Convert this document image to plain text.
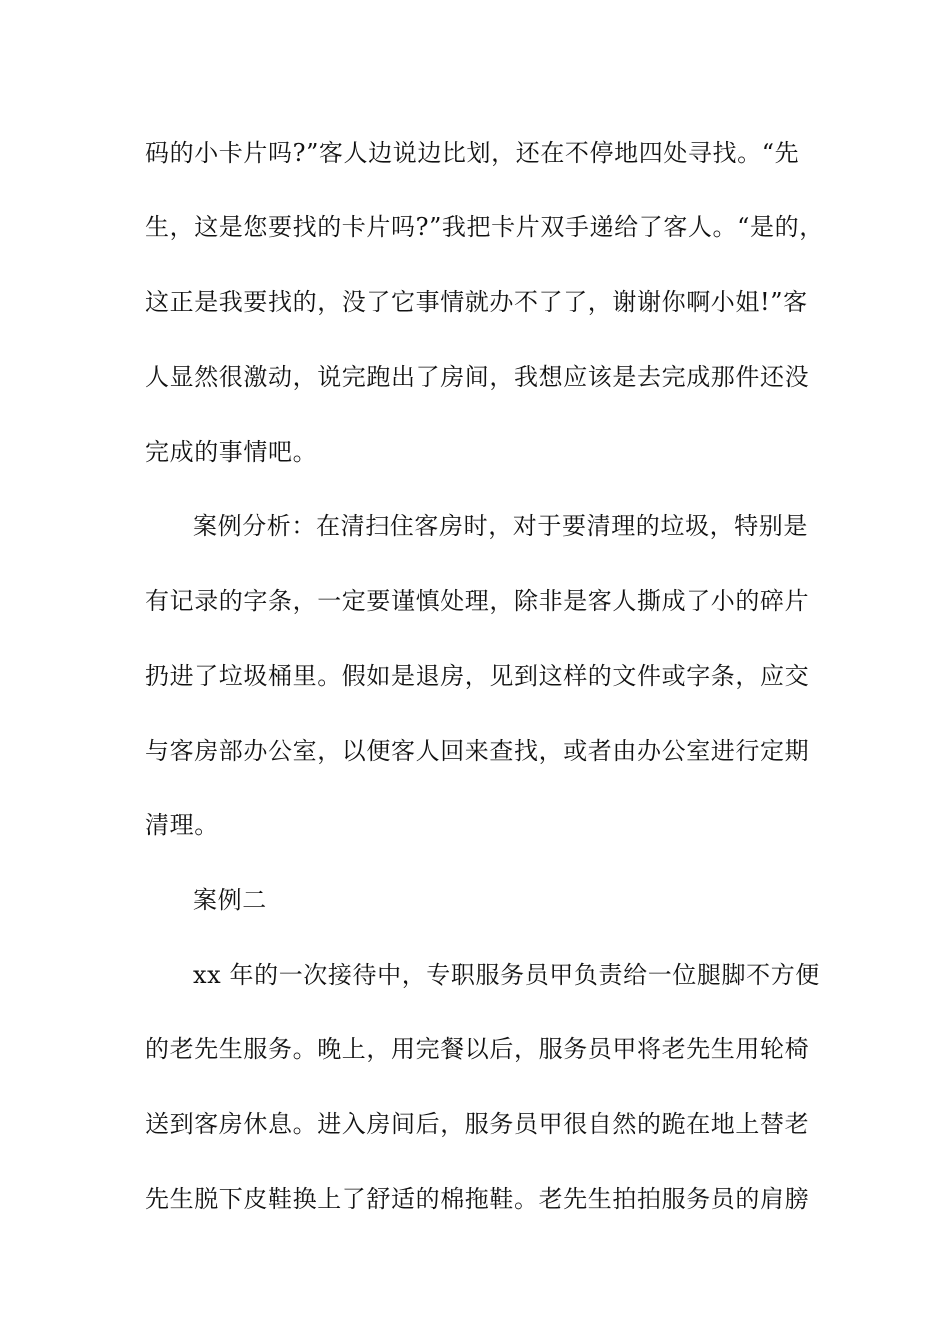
码的小卡片吗?”客人边说边比划，还在不停地四处寻找。“先
生，这是您要找的卡片吗?”我把卡片双手递给了客人。“是的，
这正是我要找的，没了它事情就办不了了，谢谢你啊小姐!”客
人显然很激动，说完跑出了房间，我想应该是去完成那件还没
完成的事情吧。
案例分析：在清扫住客房时，对于要清理的垃圾，特别是
有记录的字条，一定要谨慎处理，除非是客人撕成了小的碎片
扔进了垃圾桶里。假如是退房，见到这样的文件或字条，应交
与客房部办公室，以便客人回来查找，或者由办公室进行定期
清理。
案例二
xx 年的一次接待中，专职服务员甲负责给一位腿脚不方便
的老先生服务。晚上，用完餐以后，服务员甲将老先生用轮椅
送到客房休息。进入房间后，服务员甲很自然的跪在地上替老
先生脱下皮鞋换上了舒适的棉拖鞋。老先生拍拍服务员的肩膀
